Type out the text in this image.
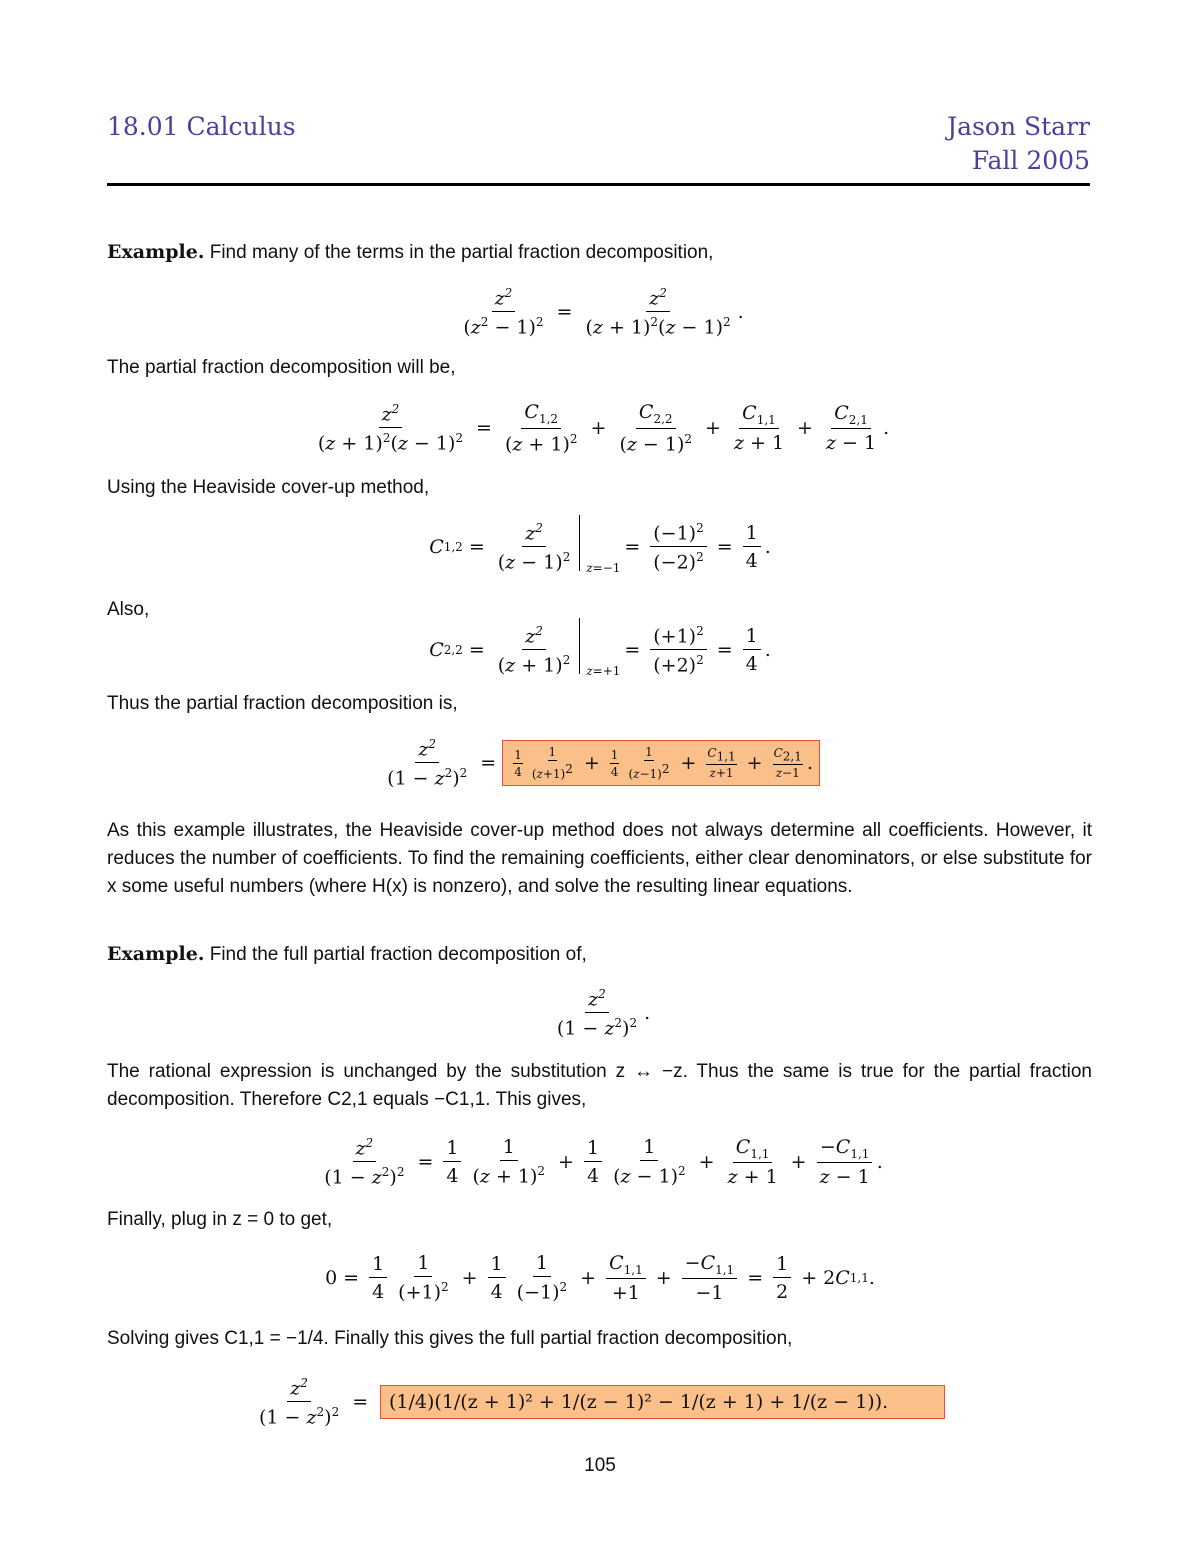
18.01 Calculus	Jason Starr
Fall 2005
Example. Find many of the terms in the partial fraction decomposition,
$\frac{z^2}{(z^2 - 1)^2} = \frac{z^2}{(z + 1)^2(z - 1)^2}$ .
The partial fraction decomposition will be,
$\frac{z^2}{(z + 1)^2(z - 1)^2} = \frac{C_{1,2}}{(z + 1)^2} + \frac{C_{2,2}}{(z - 1)^2} + \frac{C_{1,1}}{z + 1} + \frac{C_{2,1}}{z - 1}$ .
Using the Heaviside cover-up method,
C $1,2 = \frac{z^2}{(z - 1)^2} z=-1$
= $\frac{(-1)^2}{(-2)^2} = \frac{1}{4}$ .
Also,
C $2,2 = \frac{z^2}{(z + 1)^2} z=+1$
= $\frac{(+1)^2}{(+2)^2} = \frac{1}{4}$ .
Thus the partial fraction decomposition is,
$\frac{z^2}{(1 - z^2)^2} = \frac{1}{4} \frac{1}{(z+1)^2} + \frac{1}{4} \frac{1}{(z-1)^2} + \frac{C_{1,1}}{z+1} + \frac{C_{2,1}}{z-1}$ .
As this example illustrates, the Heaviside cover-up method does not always determine all coefficients. However, it reduces the number of coefficients. To find the remaining coefficients, either clear denominators, or else substitute for x some useful numbers (where H(x) is nonzero), and solve the resulting linear equations.
Example. Find the full partial fraction decomposition of,
$\frac{z^2}{(1 - z^2)^2}$ .
The rational expression is unchanged by the substitution z ↔ −z. Thus the same is true for the partial fraction decomposition. Therefore C2,1 equals −C1,1. This gives,
$\frac{z^2}{(1 - z^2)^2} = \frac{1}{4} \frac{1}{(z + 1)^2} + \frac{1}{4} \frac{1}{(z - 1)^2} + \frac{C_{1,1}}{z + 1} + \frac{-C_{1,1}}{z - 1}$ .
Finally, plug in z = 0 to get,
$0 = \frac{1}{4} \frac{1}{(+1)^2} + \frac{1}{4} \frac{1}{(-1)^2} + \frac{C_{1,1}}{+1} + \frac{-C_{1,1}}{-1} = \frac{1}{2} + 2$ C 1,1 .
Solving gives C1,1 = −1/4. Finally this gives the full partial fraction decomposition,
$\frac{z^2}{(1 - z^2)^2} = (1/4)(1/(z + 1)^2 + 1/(z - 1)^2 - 1/(z + 1) + 1/(z - 1))$.
105
